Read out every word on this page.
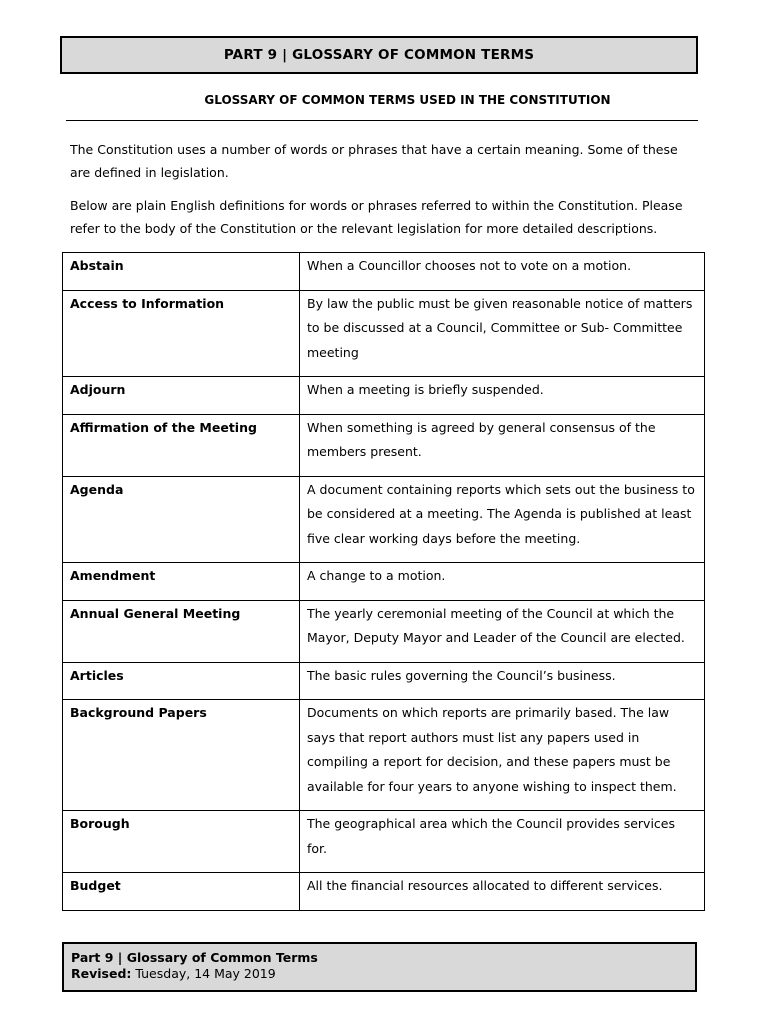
PART 9 | GLOSSARY OF COMMON TERMS
GLOSSARY OF COMMON TERMS USED IN THE CONSTITUTION
The Constitution uses a number of words or phrases that have a certain meaning. Some of these are defined in legislation.
Below are plain English definitions for words or phrases referred to within the Constitution. Please refer to the body of the Constitution or the relevant legislation for more detailed descriptions.
Abstain	When a Councillor chooses not to vote on a motion.
Access to Information	By law the public must be given reasonable notice of matters to be discussed at a Council, Committee or Sub- Committee meeting
Adjourn	When a meeting is briefly suspended.
Affirmation of the Meeting	When something is agreed by general consensus of the members present.
Agenda	A document containing reports which sets out the business to be considered at a meeting. The Agenda is published at least five clear working days before the meeting.
Amendment	A change to a motion.
Annual General Meeting	The yearly ceremonial meeting of the Council at which the Mayor, Deputy Mayor and Leader of the Council are elected.
Articles	The basic rules governing the Council’s business.
Background Papers	Documents on which reports are primarily based. The law says that report authors must list any papers used in compiling a report for decision, and these papers must be available for four years to anyone wishing to inspect them.
Borough	The geographical area which the Council provides services for.
Budget	All the financial resources allocated to different services.
Part 9 | Glossary of Common Terms
Revised: Tuesday, 14 May 2019
